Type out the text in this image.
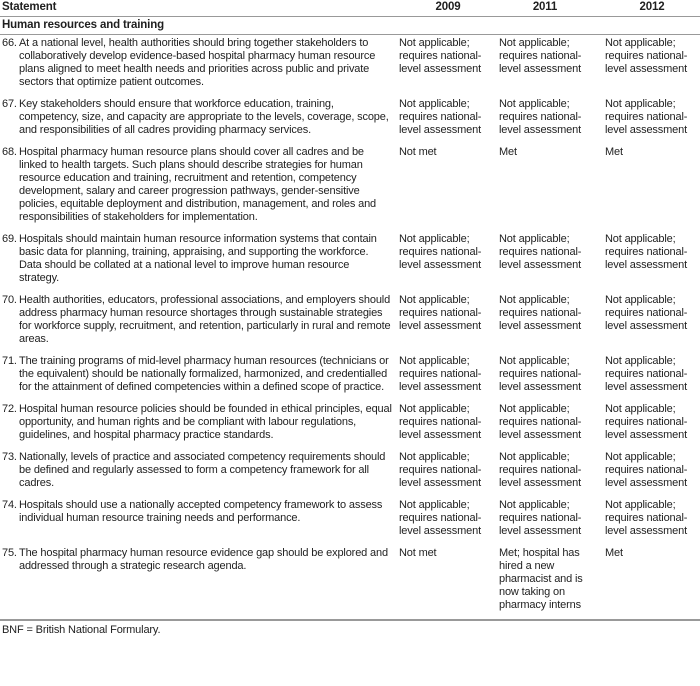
Statement	2009	2011	2012
Human resources and training			

66. At a national level, health authorities should bring together stakeholders to collaboratively develop evidence-based hospital pharmacy human resource plans aligned to meet health needs and priorities across public and private sectors that optimize patient outcomes.	Not applicable; requires national-level assessment	Not applicable; requires national-level assessment	Not applicable; requires national-level assessment

67. Key stakeholders should ensure that workforce education, training, competency, size, and capacity are appropriate to the levels, coverage, scope, and responsibilities of all cadres providing pharmacy services.	Not applicable; requires national-level assessment	Not applicable; requires national-level assessment	Not applicable; requires national-level assessment

68. Hospital pharmacy human resource plans should cover all cadres and be linked to health targets. Such plans should describe strategies for human resource education and training, recruitment and retention, competency development, salary and career progression pathways, gender-sensitive policies, equitable deployment and distribution, management, and roles and responsibilities of stakeholders for implementation.	Not met	Met	Met

69. Hospitals should maintain human resource information systems that contain basic data for planning, training, appraising, and supporting the workforce. Data should be collated at a national level to improve human resource strategy.	Not applicable; requires national-level assessment	Not applicable; requires national-level assessment	Not applicable; requires national-level assessment

70. Health authorities, educators, professional associations, and employers should address pharmacy human resource shortages through sustainable strategies for workforce supply, recruitment, and retention, particularly in rural and remote areas.	Not applicable; requires national-level assessment	Not applicable; requires national-level assessment	Not applicable; requires national-level assessment

71. The training programs of mid-level pharmacy human resources (technicians or the equivalent) should be nationally formalized, harmonized, and credentialled for the attainment of defined competencies within a defined scope of practice.	Not applicable; requires national-level assessment	Not applicable; requires national-level assessment	Not applicable; requires national-level assessment

72. Hospital human resource policies should be founded in ethical principles, equal opportunity, and human rights and be compliant with labour regulations, guidelines, and hospital pharmacy practice standards.	Not applicable; requires national-level assessment	Not applicable; requires national-level assessment	Not applicable; requires national-level assessment

73. Nationally, levels of practice and associated competency requirements should be defined and regularly assessed to form a competency framework for all cadres.	Not applicable; requires national-level assessment	Not applicable; requires national-level assessment	Not applicable; requires national-level assessment

74. Hospitals should use a nationally accepted competency framework to assess individual human resource training needs and performance.	Not applicable; requires national-level assessment	Not applicable; requires national-level assessment	Not applicable; requires national-level assessment

75. The hospital pharmacy human resource evidence gap should be explored and addressed through a strategic research agenda.	Not met	Met; hospital has hired a new pharmacist and is now taking on pharmacy interns	Met
BNF = British National Formulary.
